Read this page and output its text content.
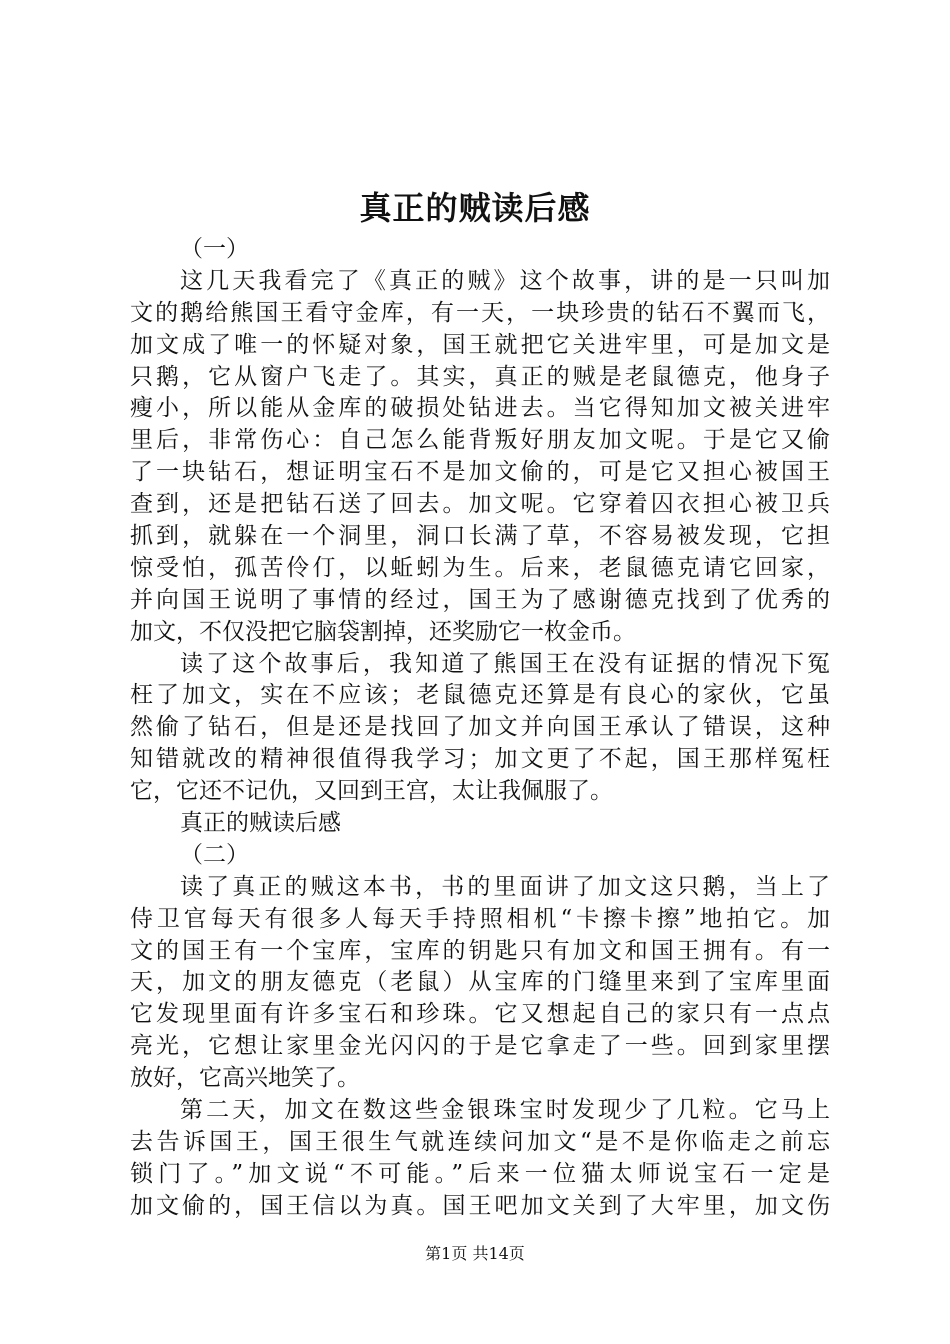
真正的贼读后感
（一）
这几天我看完了《真正的贼》这个故事，讲的是一只叫加
文的鹅给熊国王看守金库，有一天，一块珍贵的钻石不翼而飞，
加文成了唯一的怀疑对象，国王就把它关进牢里，可是加文是
只鹅，它从窗户飞走了。其实，真正的贼是老鼠德克，他身子
瘦小，所以能从金库的破损处钻进去。当它得知加文被关进牢
里后，非常伤心：自己怎么能背叛好朋友加文呢。于是它又偷
了一块钻石，想证明宝石不是加文偷的，可是它又担心被国王
查到，还是把钻石送了回去。加文呢。它穿着囚衣担心被卫兵
抓到，就躲在一个洞里，洞口长满了草，不容易被发现，它担
惊受怕，孤苦伶仃，以蚯蚓为生。后来，老鼠德克请它回家，
并向国王说明了事情的经过，国王为了感谢德克找到了优秀的
加文，不仅没把它脑袋割掉，还奖励它一枚金币。
读了这个故事后，我知道了熊国王在没有证据的情况下冤
枉了加文，实在不应该；老鼠德克还算是有良心的家伙，它虽
然偷了钻石，但是还是找回了加文并向国王承认了错误，这种
知错就改的精神很值得我学习；加文更了不起，国王那样冤枉
它，它还不记仇，又回到王宫，太让我佩服了。
真正的贼读后感
（二）
读了真正的贼这本书，书的里面讲了加文这只鹅，当上了
侍卫官每天有很多人每天手持照相机“卡擦卡擦”地拍它。加
文的国王有一个宝库，宝库的钥匙只有加文和国王拥有。有一
天，加文的朋友德克（老鼠）从宝库的门缝里来到了宝库里面
它发现里面有许多宝石和珍珠。它又想起自己的家只有一点点
亮光，它想让家里金光闪闪的于是它拿走了一些。回到家里摆
放好，它高兴地笑了。
第二天，加文在数这些金银珠宝时发现少了几粒。它马上
去告诉国王，国王很生气就连续问加文“是不是你临走之前忘
锁门了。”加文说“不可能。”后来一位猫太师说宝石一定是
加文偷的，国王信以为真。国王吧加文关到了大牢里，加文伤
第1页 共14页
